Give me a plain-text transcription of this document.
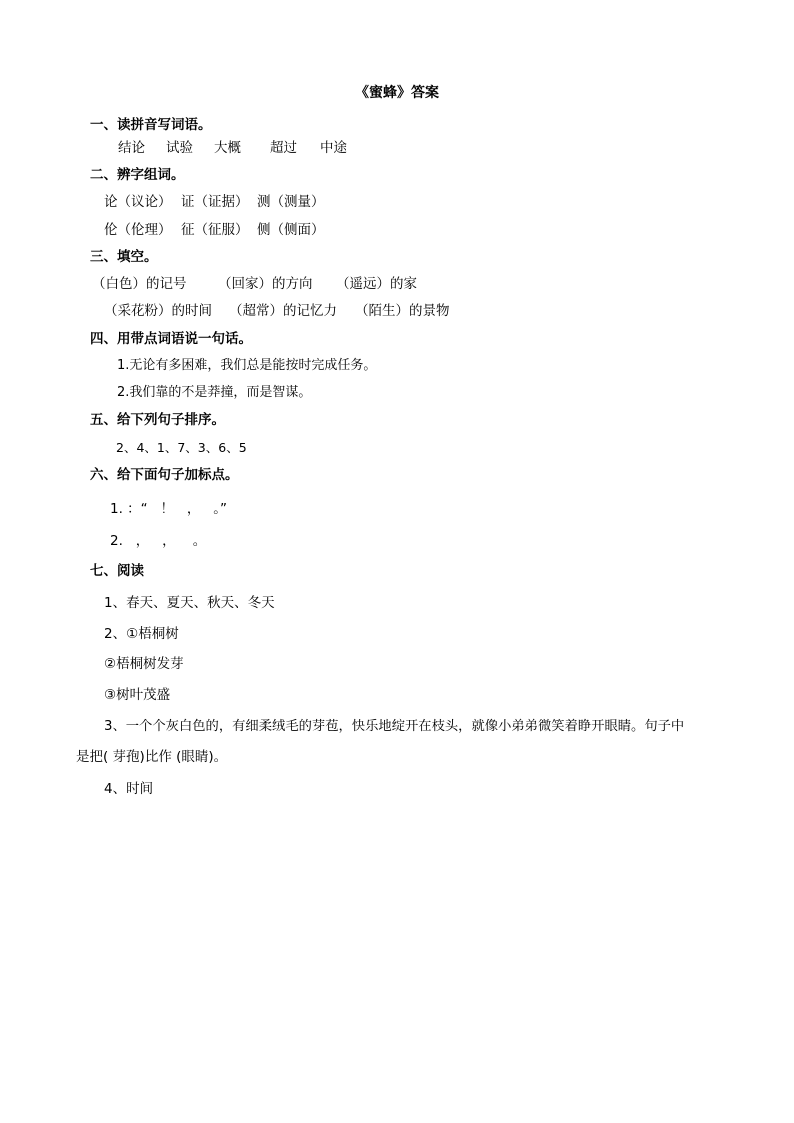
《蜜蜂》答案
一、读拼音写词语。
结论 试验 大概 超过 中途
二、辨字组词。
论（议论） 证（证据） 测（测量）
伦（伦理） 征（征服） 侧（侧面）
三、填空。
（白色）的记号 （回家）的方向 （遥远）的家
（采花粉）的时间 （超常）的记忆力 （陌生）的景物
四、用带点词语说一句话。
1.无论有多困难，我们总是能按时完成任务。
2.我们靠的不是莽撞，而是智谋。
五、给下列句子排序。
2、4、1、7、3、6、5
六、给下面句子加标点。
1. ：“   ！   ，   。”
2.   ，   ，    。
七、阅读
1、春天、夏天、秋天、冬天
2、①梧桐树
②梧桐树发芽
③树叶茂盛
3、一个个灰白色的，有细柔绒毛的芽苞，快乐地绽开在枝头，就像小弟弟微笑着睁开眼睛。句子中
是把( 芽孢)比作 (眼睛)。
4、时间
